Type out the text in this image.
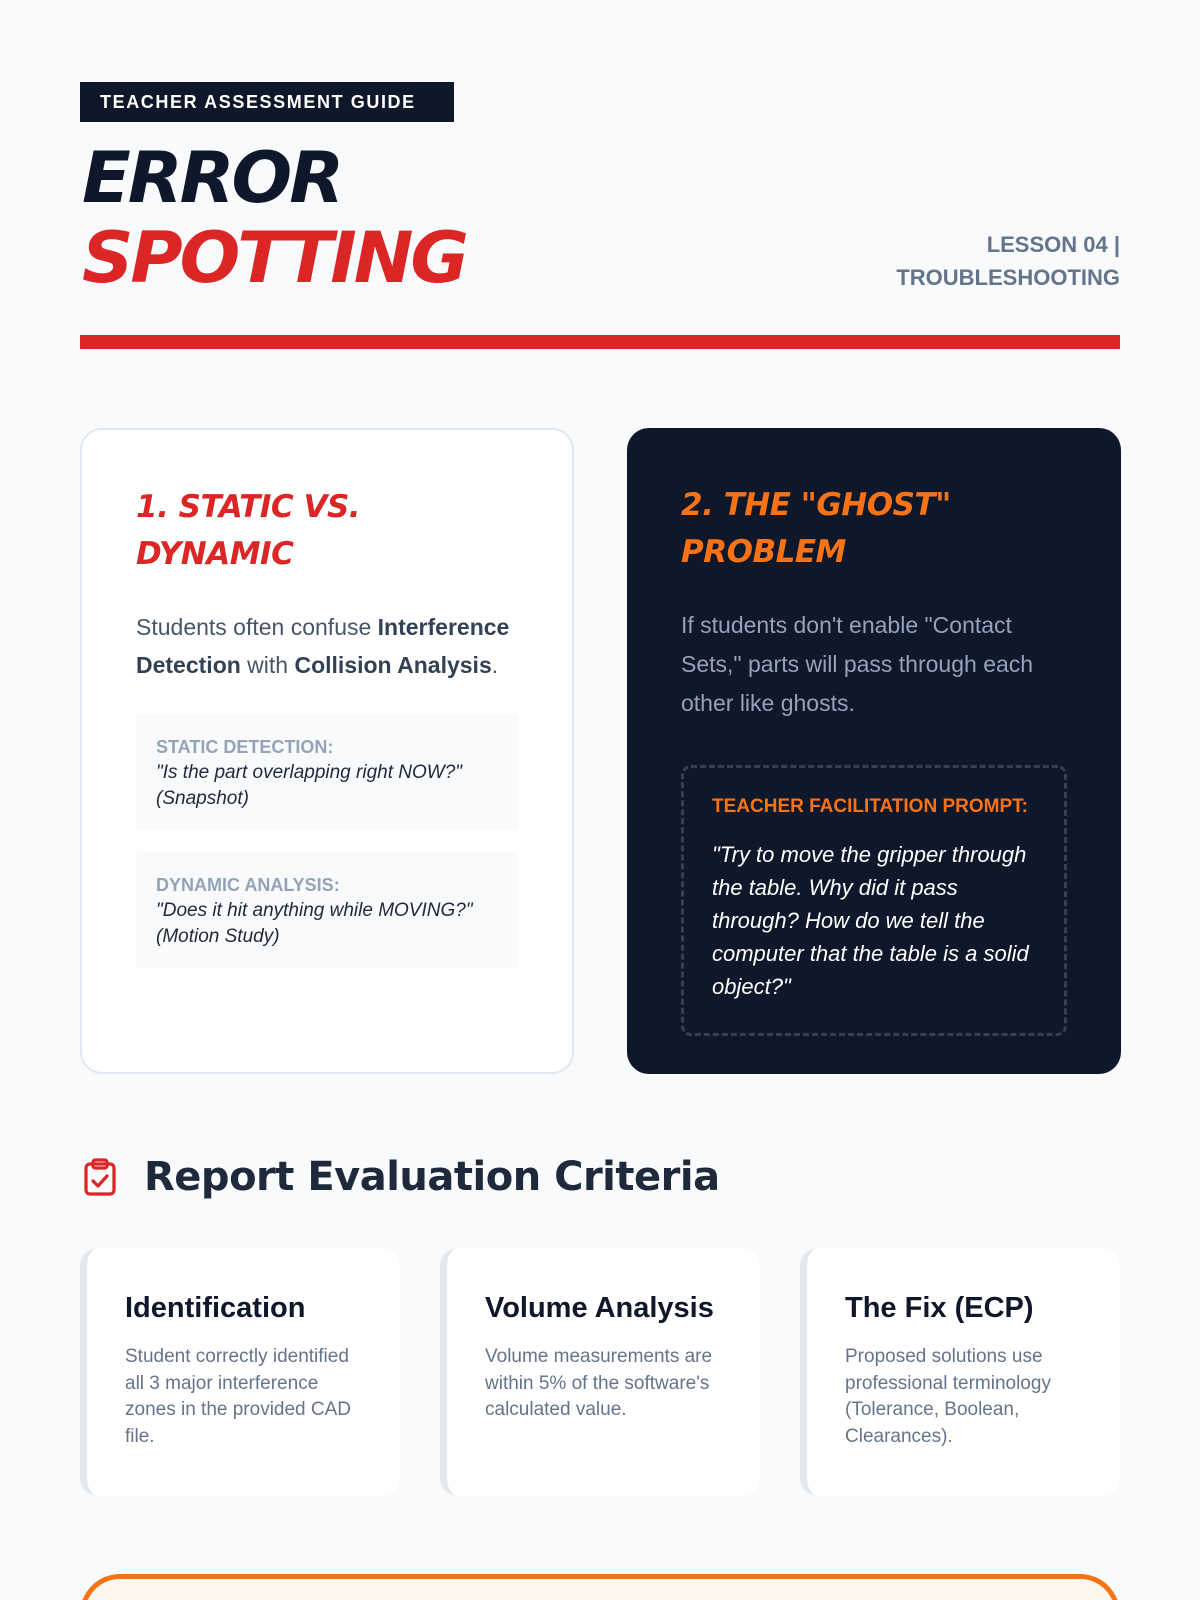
TEACHER ASSESSMENT GUIDE
ERROR
SPOTTING	LESSON 04 |
TROUBLESHOOTING
1. STATIC VS. DYNAMIC

Students often confuse Interference Detection with Collision Analysis.

STATIC DETECTION:
"Is the part overlapping right NOW?" (Snapshot)
DYNAMIC ANALYSIS:
"Does it hit anything while MOVING?" (Motion Study)
2. THE "GHOST" PROBLEM

If students don't enable "Contact Sets," parts will pass through each other like ghosts.

TEACHER FACILITATION PROMPT:
"Try to move the gripper through the table. Why did it pass through? How do we tell the computer that the table is a solid object?"
Report Evaluation Criteria
Identification
Student correctly identified all 3 major interference zones in the provided CAD file.
Volume Analysis
Volume measurements are within 5% of the software's calculated value.
The Fix (ECP)
Proposed solutions use professional terminology (Tolerance, Boolean, Clearances).
